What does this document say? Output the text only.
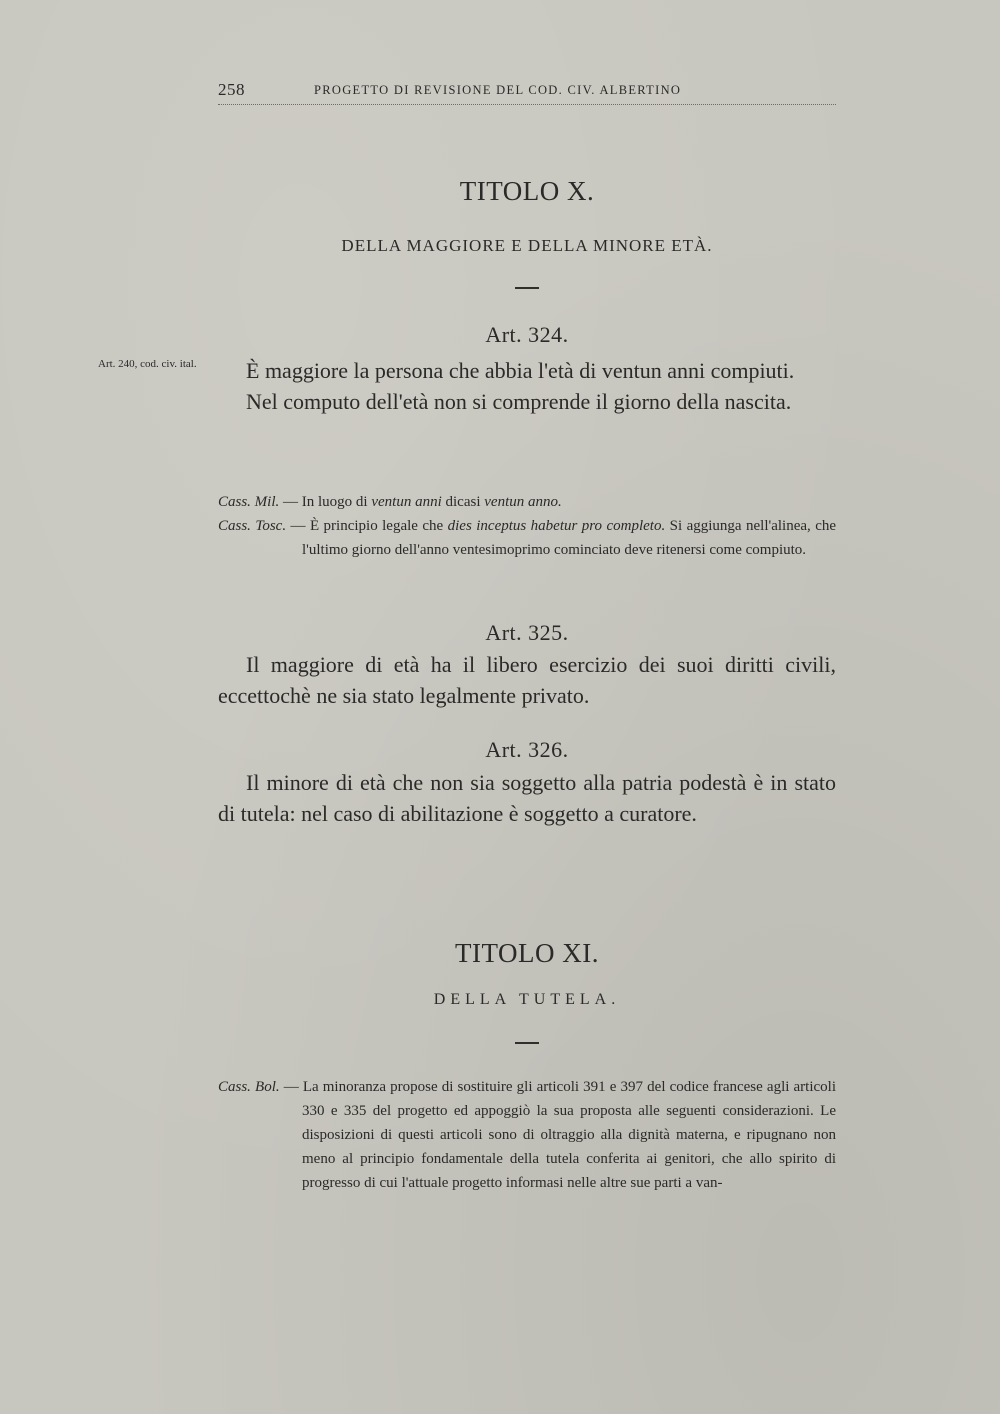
258	PROGETTO DI REVISIONE DEL COD. CIV. ALBERTINO
TITOLO X.
DELLA MAGGIORE E DELLA MINORE ETÀ.
Art. 324.
Art. 240, cod. civ. ital.	È maggiore la persona che abbia l'età di ventun anni compiuti.

Nel computo dell'età non si comprende il giorno della nascita.

Cass. Mil. — In luogo di ventun anni dicasi ventun anno.

Cass. Tosc. — È principio legale che dies inceptus habetur pro completo. Si aggiunga nell'alinea, che l'ultimo giorno dell'anno ventesimoprimo cominciato deve ritenersi come compiuto.

Art. 325.

Il maggiore di età ha il libero esercizio dei suoi diritti civili, eccettochè ne sia stato legalmente privato.

Art. 326.

Il minore di età che non sia soggetto alla patria podestà è in stato di tutela: nel caso di abilitazione è soggetto a curatore.

TITOLO XI.
DELLA TUTELA.

Cass. Bol. — La minoranza propose di sostituire gli articoli 391 e 397 del codice francese agli articoli 330 e 335 del progetto ed appoggiò la sua proposta alle seguenti considerazioni. Le disposizioni di questi articoli sono di oltraggio alla dignità materna, e ripugnano non meno al principio fondamentale della tutela conferita ai genitori, che allo spirito di progresso di cui l'attuale progetto informasi nelle altre sue parti a van-
